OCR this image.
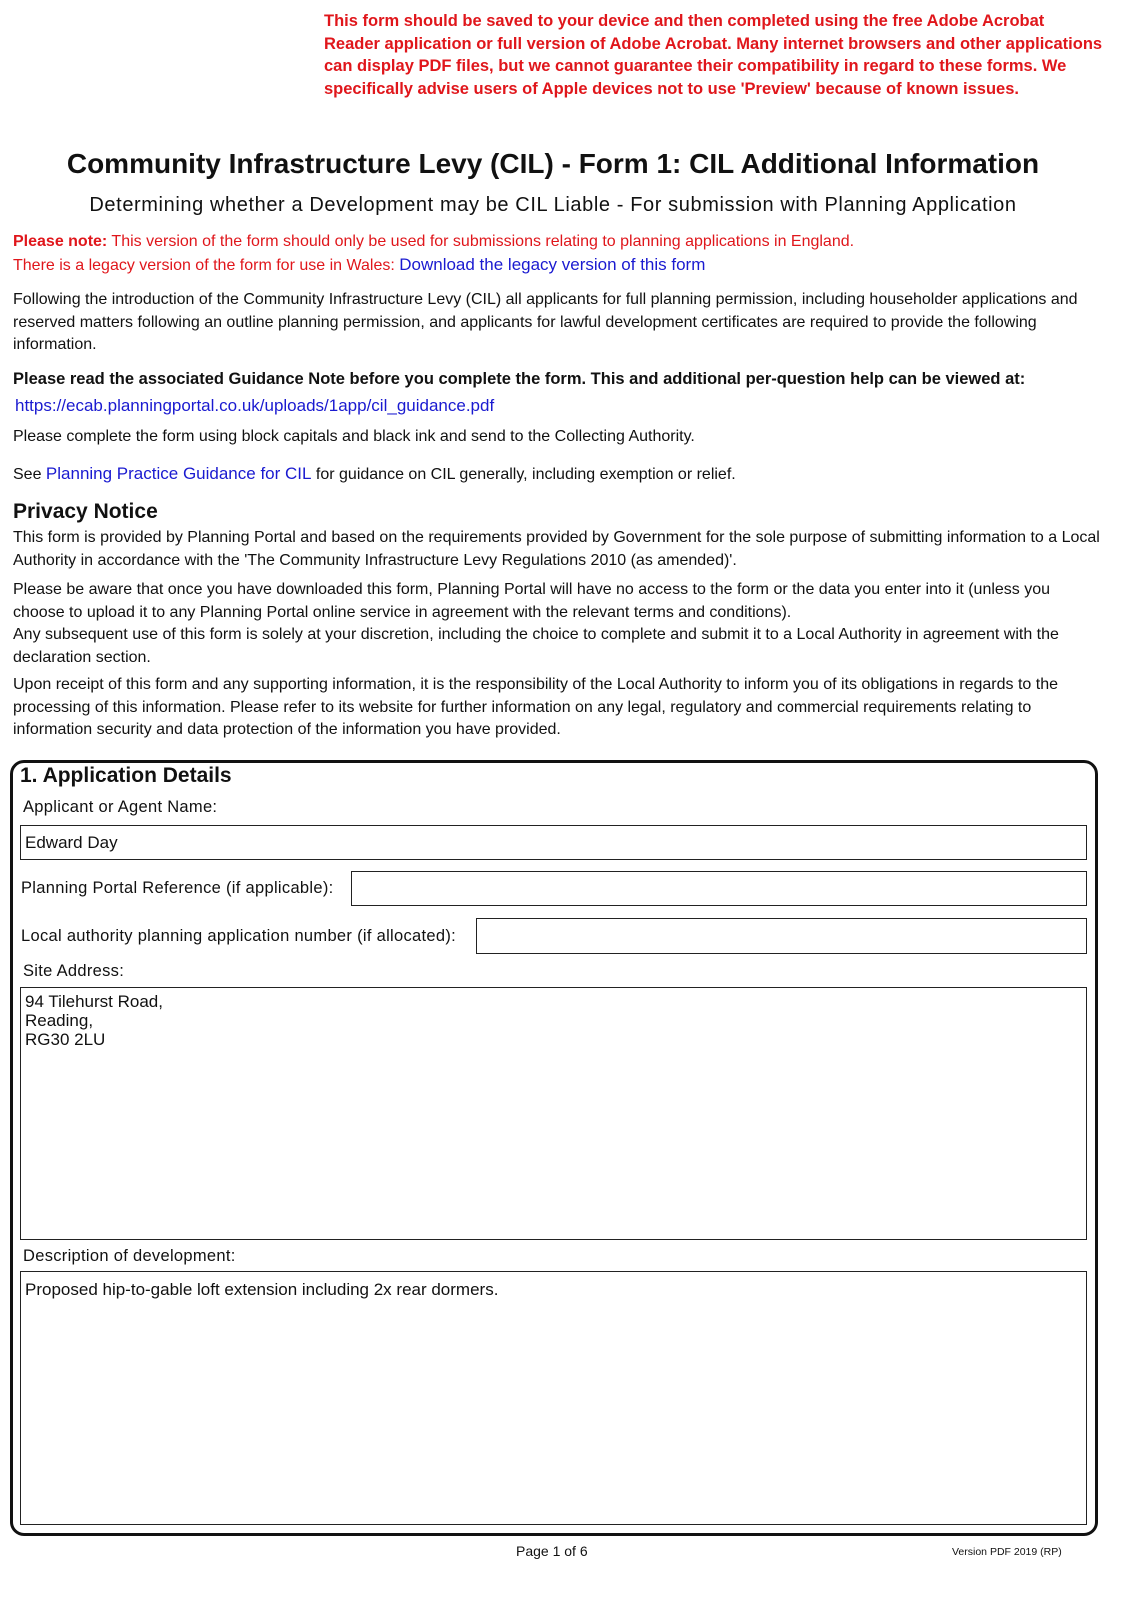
This form should be saved to your device and then completed using the free Adobe Acrobat Reader application or full version of Adobe Acrobat. Many internet browsers and other applications can display PDF files, but we cannot guarantee their compatibility in regard to these forms. We specifically advise users of Apple devices not to use 'Preview' because of known issues.
Community Infrastructure Levy (CIL) - Form 1: CIL Additional Information
Determining whether a Development may be CIL Liable - For submission with Planning Application
Please note: This version of the form should only be used for submissions relating to planning applications in England.
There is a legacy version of the form for use in Wales: Download the legacy version of this form
Following the introduction of the Community Infrastructure Levy (CIL) all applicants for full planning permission, including householder applications and reserved matters following an outline planning permission, and applicants for lawful development certificates are required to provide the following information.
Please read the associated Guidance Note before you complete the form. This and additional per-question help can be viewed at:
https://ecab.planningportal.co.uk/uploads/1app/cil_guidance.pdf
Please complete the form using block capitals and black ink and send to the Collecting Authority.
See Planning Practice Guidance for CIL for guidance on CIL generally, including exemption or relief.
Privacy Notice
This form is provided by Planning Portal and based on the requirements provided by Government for the sole purpose of submitting information to a Local Authority in accordance with the 'The Community Infrastructure Levy Regulations 2010 (as amended)'.
Please be aware that once you have downloaded this form, Planning Portal will have no access to the form or the data you enter into it (unless you choose to upload it to any Planning Portal online service in agreement with the relevant terms and conditions).
Any subsequent use of this form is solely at your discretion, including the choice to complete and submit it to a Local Authority in agreement with the declaration section.
Upon receipt of this form and any supporting information, it is the responsibility of the Local Authority to inform you of its obligations in regards to the processing of this information. Please refer to its website for further information on any legal, regulatory and commercial requirements relating to information security and data protection of the information you have provided.
1. Application Details
Applicant or Agent Name:
Edward Day
Planning Portal Reference (if applicable):
Local authority planning application number (if allocated):
Site Address:
94 Tilehurst Road, Reading, RG30 2LU
Description of development:
Proposed hip-to-gable loft extension including 2x rear dormers.
Page 1 of 6	Version PDF 2019 (RP)
